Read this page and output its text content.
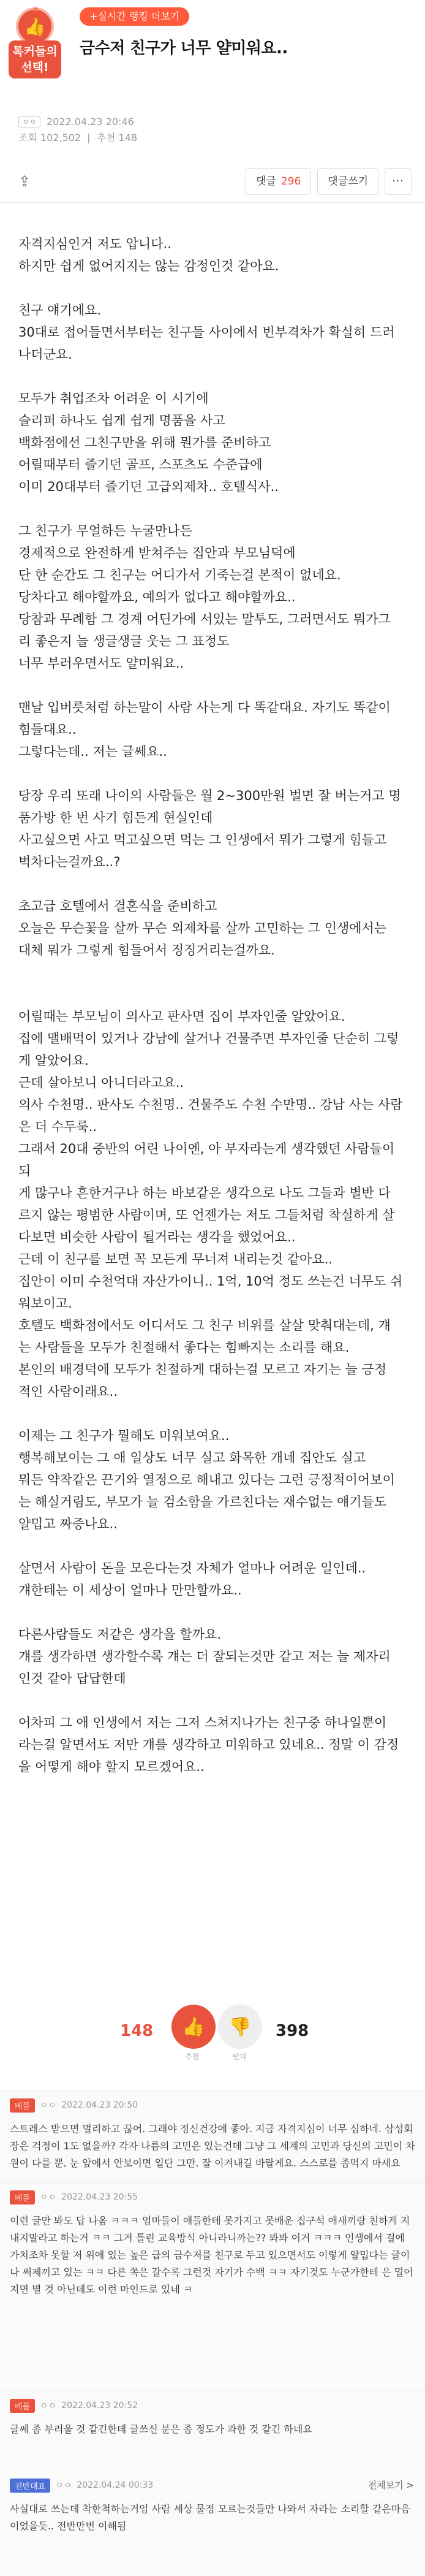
👍
★
톡커들의
선택!
+실시간 랭킹 더보기
금수저 친구가 너무 얄미워요..
ㅇㅇ	2022.04.23 20:46
조회 102,502 | 추천 148
⇪	댓글 296	댓글쓰기	···

자격지심인거 저도 압니다..

하지만 쉽게 없어지지는 않는 감정인것 같아요.

친구 얘기에요.

30대로 접어들면서부터는 친구들 사이에서 빈부격차가 확실히 드러

나더군요.

모두가 취업조차 어려운 이 시기에

슬리퍼 하나도 쉽게 쉽게 명품을 사고

백화점에선 그친구만을 위해 뭔가를 준비하고

어릴때부터 즐기던 골프, 스포츠도 수준급에

이미 20대부터 즐기던 고급외제차.. 호텔식사..

그 친구가 무얼하든 누굴만나든

경제적으로 완전하게 받쳐주는 집안과 부모님덕에

단 한 순간도 그 친구는 어디가서 기죽는걸 본적이 없네요.

당차다고 해야할까요, 예의가 없다고 해야할까요..

당참과 무례함 그 경계 어딘가에 서있는 말투도, 그러면서도 뭐가그

리 좋은지 늘 생글생글 웃는 그 표정도

너무 부러우면서도 얄미워요..

맨날 입버릇처럼 하는말이 사람 사는게 다 똑같대요. 자기도 똑같이

힘들대요..

그렇다는데.. 저는 글쎄요..

당장 우리 또래 나이의 사람들은 월 2~300만원 벌면 잘 버는거고 명

품가방 한 번 사기 힘든게 현실인데

사고싶으면 사고 먹고싶으면 먹는 그 인생에서 뭐가 그렇게 힘들고

벅차다는걸까요..?

초고급 호텔에서 결혼식을 준비하고

오늘은 무슨꽃을 살까 무슨 외제차를 살까 고민하는 그 인생에서는

대체 뭐가 그렇게 힘들어서 징징거리는걸까요.

어릴때는 부모님이 의사고 판사면 집이 부자인줄 알았어요.

집에 맬배먹이 있거나 강남에 살거나 건물주면 부자인줄 단순히 그렇

게 알았어요.

근데 살아보니 아니더라고요..

의사 수천명.. 판사도 수천명.. 건물주도 수천 수만명.. 강남 사는 사람

은 더 수두룩..

그래서 20대 중반의 어린 나이엔, 아 부자라는게 생각했던 사람들이 되

게 많구나 흔한거구나 하는 바보같은 생각으로 나도 그들과 별반 다

르지 않는 평범한 사람이며, 또 언젠가는 저도 그들처럼 착실하게 살

다보면 비슷한 사람이 될거라는 생각을 했었어요..

근데 이 친구를 보면 꼭 모든게 무너져 내리는것 같아요..

집안이 이미 수천억대 자산가이니.. 1억, 10억 정도 쓰는건 너무도 쉬

워보이고.

호텔도 백화점에서도 어디서도 그 친구 비위를 살살 맞춰대는데, 걔

는 사람들을 모두가 친절해서 좋다는 힘빠지는 소리를 해요.

본인의 배경덕에 모두가 친절하게 대하는걸 모르고 자기는 늘 긍정

적인 사람이래요..

이제는 그 친구가 뭘해도 미워보여요..

행복해보이는 그 애 일상도 너무 실고 화목한 개네 집안도 실고

뭐든 약착같은 끈기와 열정으로 해내고 있다는 그런 긍정적이어보이

는 해실거림도, 부모가 늘 검소함을 가르친다는 재수없는 얘기들도

얄밉고 짜증나요..

살면서 사람이 돈을 모은다는것 자체가 얼마나 어려운 일인데..

걔한테는 이 세상이 얼마나 만만할까요..

다른사람들도 저같은 생각을 할까요.

걔를 생각하면 생각할수록 걔는 더 잘되는것만 같고 저는 늘 제자리

인것 같아 답답한데

어차피 그 애 인생에서 저는 그저 스쳐지나가는 친구중 하나일뿐이

라는걸 알면서도 저만 걔를 생각하고 미워하고 있네요.. 정말 이 감정

을 어떻게 해야 할지 모르겠어요..

148	👍	👎
추천	반대
398
베플	ㅇㅇ 2022.04.23 20:50
스트레스 받으면 멀리하고 끊어. 그래야 정신건강에 좋아. 지금 자격지심이 너무 심하네. 삼성회장은 걱정이 1도 없을까? 각자 나름의 고민은 있는건데 그냥 그 세계의 고민과 당신의 고민이 차원이 다를 뿐. 눈 앞에서 안보이면 일단 그만. 잘 이겨내길 바랄게요. 스스로를 좀먹지 마세요
베플	ㅇㅇ 2022.04.23 20:55
이런 글만 봐도 답 나옴 ㅋㅋㅋ 엄마들이 애들한테 못가지고 못배운 집구석 애새끼랑 친하게 지내지말라고 하는거 ㅋㅋ 그거 틀린 교육방식 아니라니까는?? 봐봐 이거 ㅋㅋㅋ 인생에서 걸에 가치조차 못할 저 위에 있는 높은 급의 금수저를 친구로 두고 있으면서도 이렇게 얄밉다는 글이나 써제끼고 있는 ㅋㅋ 다른 쪽은 갈수록 그런것 자기가 수백 ㅋㅋ 자기것도 누군가한테 은 멀어지면 별 것 아닌데도 이런 마인드로 있네 ㅋ
베플	ㅇㅇ 2022.04.23 20:52
글쎄 좀 부러울 것 같긴한데 글쓰신 분은 좀 정도가 과한 것 같긴 하네요
전반대표	ㅇㅇ 2022.04.24 00:33
사실대로 쓰는데 착한척하는거임 사람 세상 물정 모르는것들만 나와서 자라는 소리할 같은마음이었을듯.. 전반만번 이해됨
전체보기 >
